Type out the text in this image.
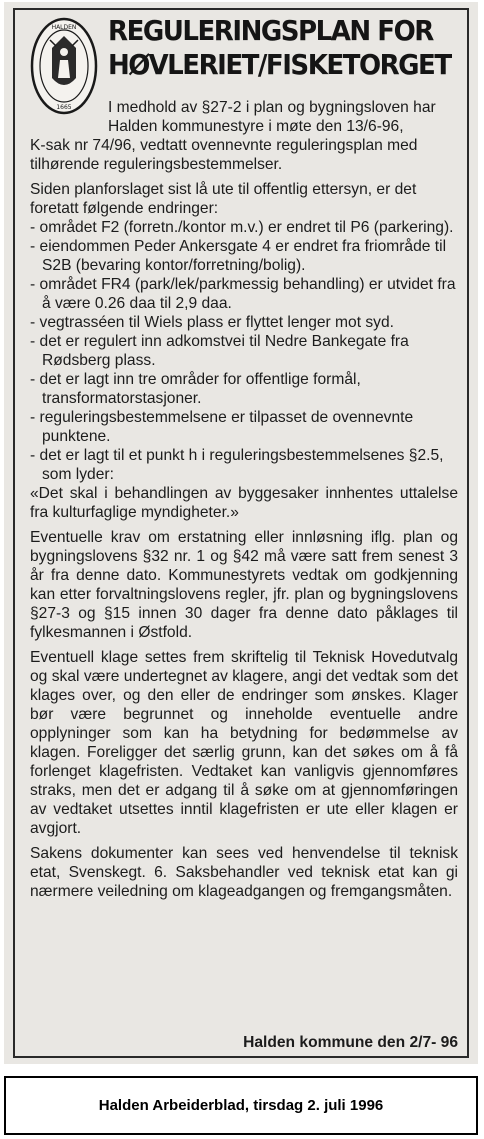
HALDEN
1665
REGULERINGSPLAN FOR
HØVLERIET/FISKETORGET
I medhold av §27-2 i plan og bygningsloven har
Halden kommunestyre i møte den 13/6-96,
K-sak nr 74/96, vedtatt ovennevnte reguleringsplan med tilhørende reguleringsbestemmelser.
Siden planforslaget sist lå ute til offentlig ettersyn, er det foretatt følgende endringer:
- området F2 (forretn./kontor m.v.) er endret til P6 (parkering).
- eiendommen Peder Ankersgate 4 er endret fra friområde til S2B (bevaring kontor/forretning/bolig).
- området FR4 (park/lek/parkmessig behandling) er utvidet fra å være 0.26 daa til 2,9 daa.
- vegtrasséen til Wiels plass er flyttet lenger mot syd.
- det er regulert inn adkomstvei til Nedre Bankegate fra Rødsberg plass.
- det er lagt inn tre områder for offentlige formål, transformatorstasjoner.
- reguleringsbestemmelsene er tilpasset de ovennevnte punktene.
- det er lagt til et punkt h i reguleringsbestemmelsenes §2.5, som lyder:
«Det skal i behandlingen av byggesaker innhentes uttalelse fra kulturfaglige myndigheter.»
Eventuelle krav om erstatning eller innløsning iflg. plan og bygningslovens §32 nr. 1 og §42 må være satt frem senest 3 år fra denne dato. Kommunestyrets vedtak om godkjenning kan etter forvaltningslovens regler, jfr. plan og bygningslovens §27-3 og §15 innen 30 dager fra denne dato påklages til fylkesmannen i Østfold.
Eventuell klage settes frem skriftelig til Teknisk Hovedutvalg og skal være undertegnet av klagere, angi det vedtak som det klages over, og den eller de endringer som ønskes. Klager bør være begrunnet og inneholde eventuelle andre opplyninger som kan ha betydning for bedømmelse av klagen. Foreligger det særlig grunn, kan det søkes om å få forlenget klagefristen. Vedtaket kan vanligvis gjennomføres straks, men det er adgang til å søke om at gjennomføringen av vedtaket utsettes inntil klagefristen er ute eller klagen er avgjort.
Sakens dokumenter kan sees ved henvendelse til teknisk etat, Svenskegt. 6. Saksbehandler ved teknisk etat kan gi nærmere veiledning om klageadgangen og fremgangsmåten.
Halden kommune den 2/7- 96
Halden Arbeiderblad, tirsdag 2. juli 1996
